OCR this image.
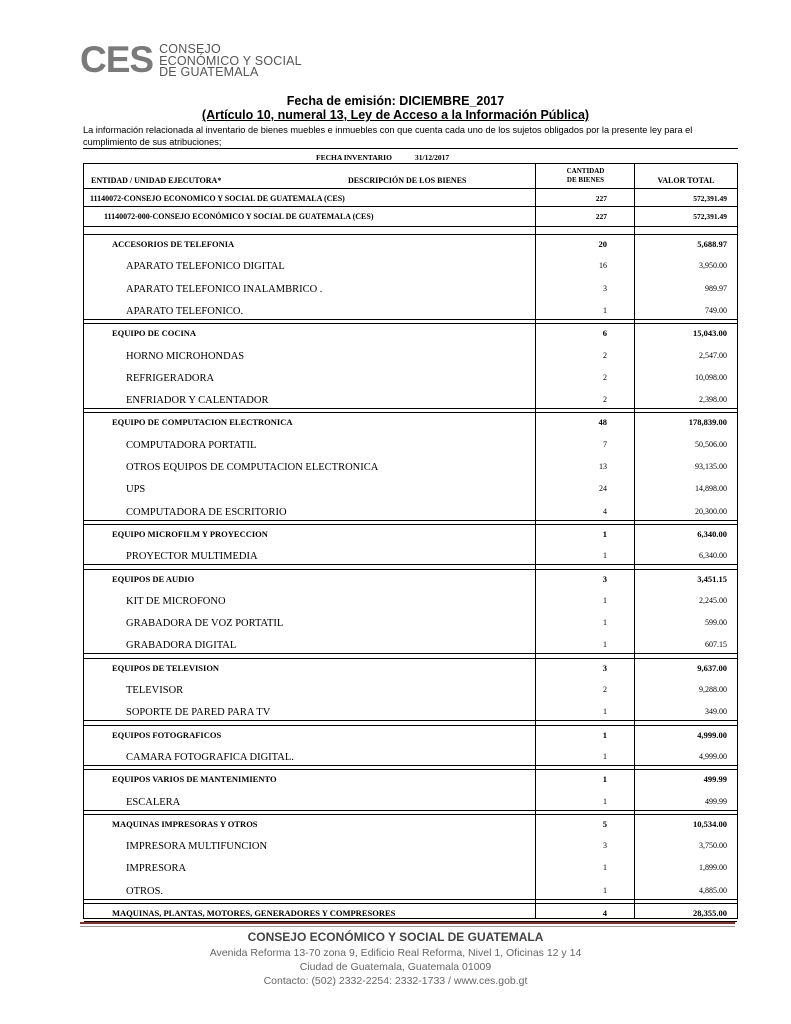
CES CONSEJO
ECONÓMICO Y SOCIAL
DE GUATEMALA
Fecha de emisión: DICIEMBRE_2017
(Artículo 10, numeral 13, Ley de Acceso a la Información Pública)
La información relacionada al inventario de bienes muebles e inmuebles con que cuenta cada uno de los sujetos obligados por la presente ley para el cumplimiento de sus atribuciones;
FECHA INVENTARIO	31/12/2017
ENTIDAD / UNIDAD EJECUTORA*	DESCRIPCIÓN DE LOS BIENES
CANTIDAD
DE BIENES	VALOR TOTAL
11140072-CONSEJO ECONOMICO Y SOCIAL DE GUATEMALA (CES)	227	572,391.49
11140072-000-CONSEJO ECONÓMICO Y SOCIAL DE GUATEMALA (CES)	227	572,391.49
ACCESORIOS DE TELEFONIA	20	5,688.97
APARATO TELEFONICO DIGITAL	16	3,950.00
APARATO TELEFONICO INALAMBRICO .	3	989.97
APARATO TELEFONICO.	1	749.00
EQUIPO DE COCINA	6	15,043.00
HORNO MICROHONDAS	2	2,547.00
REFRIGERADORA	2	10,098.00
ENFRIADOR Y CALENTADOR	2	2,398.00
EQUIPO DE COMPUTACION ELECTRONICA	48	178,839.00
COMPUTADORA PORTATIL	7	50,506.00
OTROS EQUIPOS DE COMPUTACION ELECTRONICA	13	93,135.00
UPS	24	14,898.00
COMPUTADORA DE ESCRITORIO	4	20,300.00
EQUIPO MICROFILM Y PROYECCION	1	6,340.00
PROYECTOR MULTIMEDIA	1	6,340.00
EQUIPOS DE AUDIO	3	3,451.15
KIT DE MICROFONO	1	2,245.00
GRABADORA DE VOZ PORTATIL	1	599.00
GRABADORA DIGITAL	1	607.15
EQUIPOS DE TELEVISION	3	9,637.00
TELEVISOR	2	9,288.00
SOPORTE DE PARED PARA TV	1	349.00
EQUIPOS FOTOGRAFICOS	1	4,999.00
CAMARA FOTOGRAFICA DIGITAL.	1	4,999.00
EQUIPOS VARIOS DE MANTENIMIENTO	1	499.99
ESCALERA	1	499.99
MAQUINAS IMPRESORAS Y OTROS	5	10,534.00
IMPRESORA MULTIFUNCION	3	3,750.00
IMPRESORA	1	1,899.00
OTROS.	1	4,885.00
MAQUINAS, PLANTAS, MOTORES, GENERADORES Y COMPRESORES	4	28,355.00
CONSEJO ECONÓMICO Y SOCIAL DE GUATEMALA
Avenida Reforma 13-70 zona 9, Edificio Real Reforma, Nivel 1, Oficinas 12 y 14
Ciudad de Guatemala, Guatemala 01009
Contacto: (502) 2332-2254: 2332-1733 / www.ces.gob.gt
